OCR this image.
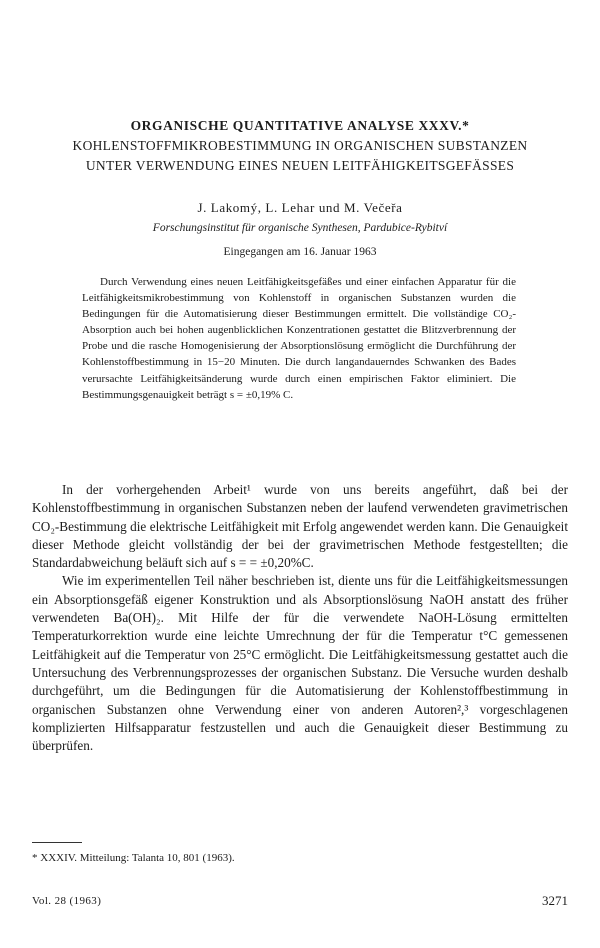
ORGANISCHE QUANTITATIVE ANALYSE XXXV.*
KOHLENSTOFFMIKROBESTIMMUNG IN ORGANISCHEN SUBSTANZEN
UNTER VERWENDUNG EINES NEUEN LEITFÄHIGKEITSGEFÄSSES
J. Lakomý, L. Lehar und M. Večeřa
Forschungsinstitut für organische Synthesen, Pardubice-Rybitví
Eingegangen am 16. Januar 1963

Durch Verwendung eines neuen Leitfähigkeitsgefäßes und einer einfachen Apparatur für die Leitfähigkeitsmikrobestimmung von Kohlenstoff in organischen Substanzen wurden die Bedingungen für die Automatisierung dieser Bestimmungen ermittelt. Die vollständige CO₂-Absorption auch bei hohen augenblicklichen Konzentrationen gestattet die Blitzverbrennung der Probe und die rasche Homogenisierung der Absorptionslösung ermöglicht die Durchführung der Kohlenstoffbestimmung in 15−20 Minuten. Die durch langandauerndes Schwanken des Bades verursachte Leitfähigkeitsänderung wurde durch einen empirischen Faktor eliminiert. Die Bestimmungsgenauigkeit beträgt s = ±0,19% C.

In der vorhergehenden Arbeit¹ wurde von uns bereits angeführt, daß bei der Kohlenstoffbestimmung in organischen Substanzen neben der laufend verwendeten gravimetrischen CO₂-Bestimmung die elektrische Leitfähigkeit mit Erfolg angewendet werden kann. Die Genauigkeit dieser Methode gleicht vollständig der bei der gravimetrischen Methode festgestellten; die Standardabweichung beläuft sich auf s = = ±0,20%C.

Wie im experimentellen Teil näher beschrieben ist, diente uns für die Leitfähigkeitsmessungen ein Absorptionsgefäß eigener Konstruktion und als Absorptionslösung NaOH anstatt des früher verwendeten Ba(OH)₂. Mit Hilfe der für die verwendete NaOH-Lösung ermittelten Temperaturkorrektion wurde eine leichte Umrechnung der für die Temperatur t°C gemessenen Leitfähigkeit auf die Temperatur von 25°C ermöglicht. Die Leitfähigkeitsmessung gestattet auch die Untersuchung des Verbrennungsprozesses der organischen Substanz. Die Versuche wurden deshalb durchgeführt, um die Bedingungen für die Automatisierung der Kohlenstoffbestimmung in organischen Substanzen ohne Verwendung einer von anderen Autoren²,³ vorgeschlagenen komplizierten Hilfsapparatur festzustellen und auch die Genauigkeit dieser Bestimmung zu überprüfen.

* XXXIV. Mitteilung: Talanta 10, 801 (1963).
Vol. 28 (1963)	3271
